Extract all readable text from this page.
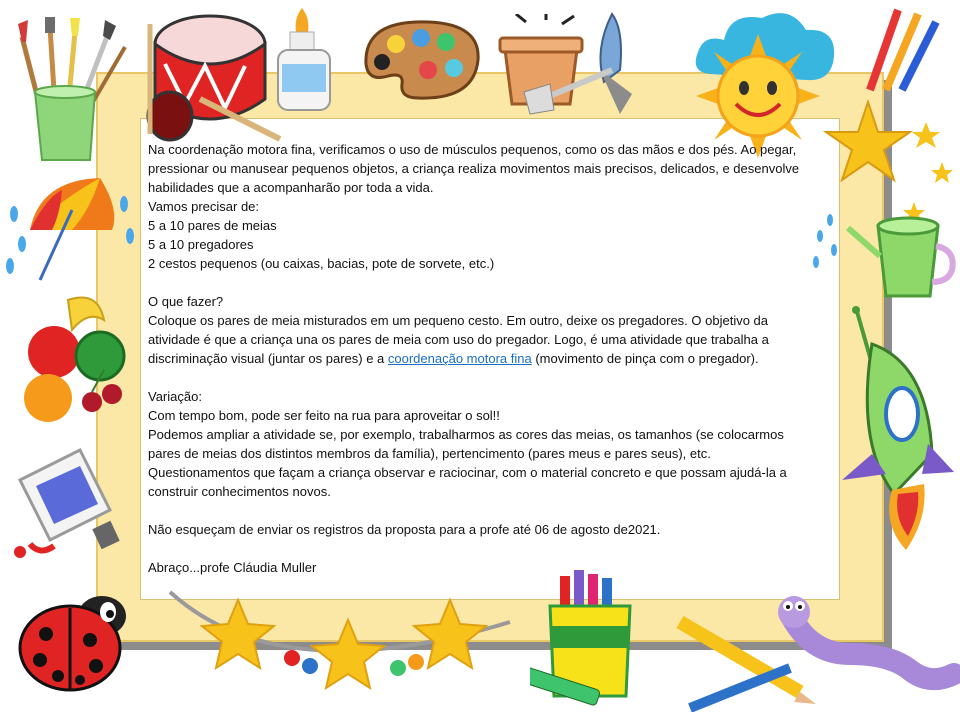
Na coordenação motora fina, verificamos o uso de músculos pequenos, como os das mãos e dos pés. Ao pegar, pressionar ou manusear pequenos objetos, a criança realiza movimentos mais precisos, delicados, e desenvolve habilidades que a acompanharão por toda a vida.

Vamos precisar de:

5 a 10 pares de meias

5 a 10 pregadores

2 cestos pequenos (ou caixas, bacias, pote de sorvete, etc.)

O que fazer?

Coloque os pares de meia misturados em um pequeno cesto. Em outro, deixe os pregadores. O objetivo da atividade é que a criança una os pares de meia com uso do pregador. Logo, é uma atividade que trabalha a discriminação visual (juntar os pares) e a coordenação motora fina (movimento de pinça com o pregador).

Variação:

Com tempo bom, pode ser feito na rua para aproveitar o sol!!

Podemos ampliar a atividade se, por exemplo, trabalharmos as cores das meias, os tamanhos (se colocarmos pares de meias dos distintos membros da família), pertencimento (pares meus e pares seus), etc.

Questionamentos que façam a criança observar e raciocinar, com o material concreto e que possam ajudá-la a construir conhecimentos novos.

Não esqueçam de enviar os registros da proposta para a profe até 06 de agosto de2021.

Abraço...profe Cláudia Muller
